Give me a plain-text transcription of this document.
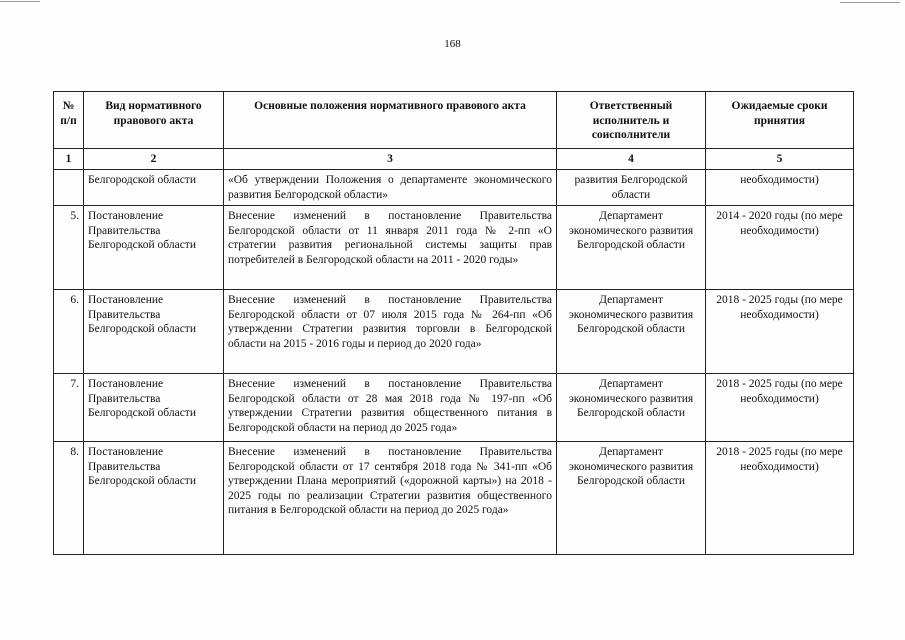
168
№ п/п	Вид нормативного правового акта	Основные положения нормативного правового акта	Ответственный исполнитель и соисполнители	Ожидаемые сроки принятия
1	2	3	4	5
	Белгородской области	«Об утверждении Положения о департаменте экономического развития Белгородской области»	развития Белгородской области	необходимости)
5.	Постановление Правительства Белгородской области	Внесение изменений в постановление Правительства Белгородской области от 11 января 2011 года № 2-пп «О стратегии развития региональной системы защиты прав потребителей в Белгородской области на 2011 - 2020 годы»	Департамент экономического развития Белгородской области	2014 - 2020 годы (по мере необходимости)
6.	Постановление Правительства Белгородской области	Внесение изменений в постановление Правительства Белгородской области от 07 июля 2015 года № 264-пп «Об утверждении Стратегии развития торговли в Белгородской области на 2015 - 2016 годы и период до 2020 года»	Департамент экономического развития Белгородской области	2018 - 2025 годы (по мере необходимости)
7.	Постановление Правительства Белгородской области	Внесение изменений в постановление Правительства Белгородской области от 28 мая 2018 года № 197-пп «Об утверждении Стратегии развития общественного питания в Белгородской области на период до 2025 года»	Департамент экономического развития Белгородской области	2018 - 2025 годы (по мере необходимости)
8.	Постановление Правительства Белгородской области	Внесение изменений в постановление Правительства Белгородской области от 17 сентября 2018 года № 341-пп «Об утверждении Плана мероприятий («дорожной карты») на 2018 - 2025 годы по реализации Стратегии развития общественного питания в Белгородской области на период до 2025 года»	Департамент экономического развития Белгородской области	2018 - 2025 годы (по мере необходимости)
